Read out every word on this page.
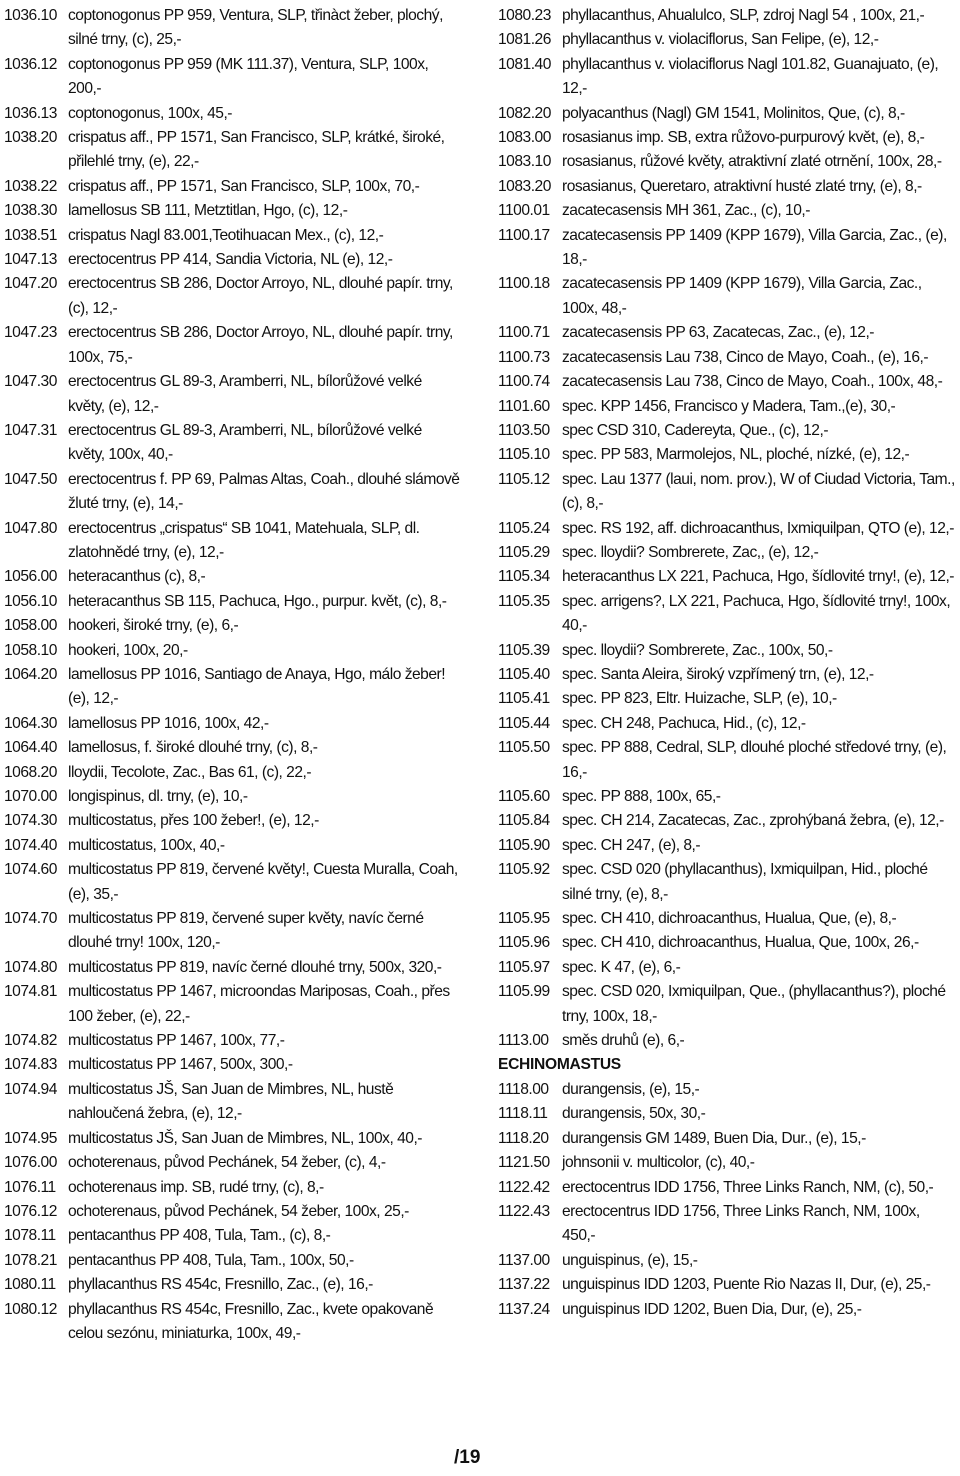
1036.10 coptonogonus PP 959, Ventura, SLP, třinàct žeber, plochý, silné trny, (c), 25,-
1036.12 coptonogonus PP 959 (MK 111.37), Ventura, SLP, 100x, 200,-
1036.13 coptonogonus, 100x, 45,-
1038.20 crispatus aff., PP 1571, San Francisco, SLP, krátké, široké, přilehlé trny, (e), 22,-
1038.22 crispatus aff., PP 1571, San Francisco, SLP, 100x, 70,-
1038.30 lamellosus SB 111, Metztitlan, Hgo, (c), 12,-
1038.51 crispatus Nagl 83.001,Teotihuacan Mex., (c), 12,-
1047.13 erectocentrus PP 414, Sandia Victoria, NL (e), 12,-
1047.20 erectocentrus SB 286, Doctor Arroyo, NL, dlouhé papír. trny, (c), 12,-
1047.23 erectocentrus SB 286, Doctor Arroyo, NL, dlouhé papír. trny, 100x, 75,-
1047.30 erectocentrus GL 89-3, Aramberri, NL, bílorůžové velké květy, (e), 12,-
1047.31 erectocentrus GL 89-3, Aramberri, NL, bílorůžové velké květy, 100x, 40,-
1047.50 erectocentrus f. PP 69, Palmas Altas, Coah., dlouhé slámově žluté trny, (e), 14,-
1047.80 erectocentrus „crispatus“ SB 1041, Matehuala, SLP, dl. zlatohnědé trny, (e), 12,-
1056.00 heteracanthus (c), 8,-
1056.10 heteracanthus SB 115, Pachuca, Hgo., purpur. květ, (c), 8,-
1058.00 hookeri, široké trny, (e), 6,-
1058.10 hookeri, 100x, 20,-
1064.20 lamellosus PP 1016, Santiago de Anaya, Hgo, málo žeber! (e), 12,-
1064.30 lamellosus PP 1016, 100x, 42,-
1064.40 lamellosus, f. široké dlouhé trny, (c), 8,-
1068.20 lloydii, Tecolote, Zac., Bas 61, (c), 22,-
1070.00 longispinus, dl. trny, (e), 10,-
1074.30 multicostatus, přes 100 žeber!, (e), 12,-
1074.40 multicostatus, 100x, 40,-
1074.60 multicostatus PP 819, červené květy!, Cuesta Muralla, Coah, (e), 35,-
1074.70 multicostatus PP 819, červené super květy, navíc černé dlouhé trny! 100x, 120,-
1074.80 multicostatus PP 819, navíc černé dlouhé trny, 500x, 320,-
1074.81 multicostatus PP 1467, microondas Mariposas, Coah., přes 100 žeber, (e), 22,-
1074.82 multicostatus PP 1467, 100x, 77,-
1074.83 multicostatus PP 1467, 500x, 300,-
1074.94 multicostatus JŠ, San Juan de Mimbres, NL, hustě nahloučená žebra, (e), 12,-
1074.95 multicostatus JŠ, San Juan de Mimbres, NL, 100x, 40,-
1076.00 ochoterenaus, původ Pechánek, 54 žeber, (c), 4,-
1076.11 ochoterenaus imp. SB, rudé trny, (c), 8,-
1076.12 ochoterenaus, původ Pechánek, 54 žeber, 100x, 25,-
1078.11 pentacanthus PP 408, Tula, Tam., (c), 8,-
1078.21 pentacanthus PP 408, Tula, Tam., 100x, 50,-
1080.11 phyllacanthus RS 454c, Fresnillo, Zac., (e), 16,-
1080.12 phyllacanthus RS 454c, Fresnillo, Zac., kvete opakovaně celou sezónu, miniaturka, 100x, 49,-
1080.23 phyllacanthus, Ahualulco, SLP, zdroj Nagl 54 , 100x, 21,-
1081.26 phyllacanthus v. violaciflorus, San Felipe, (e), 12,-
1081.40 phyllacanthus v. violaciflorus Nagl 101.82, Guanajuato, (e), 12,-
1082.20 polyacanthus (Nagl) GM 1541, Molinitos, Que, (c), 8,-
1083.00 rosasianus imp. SB, extra růžovo-purpurový květ, (e), 8,-
1083.10 rosasianus, růžové květy, atraktivní zlaté otrnění, 100x, 28,-
1083.20 rosasianus, Queretaro, atraktivní husté zlaté trny, (e), 8,-
1100.01 zacatecasensis MH 361, Zac., (c), 10,-
1100.17 zacatecasensis PP 1409 (KPP 1679), Villa Garcia, Zac., (e), 18,-
1100.18 zacatecasensis PP 1409 (KPP 1679), Villa Garcia, Zac., 100x, 48,-
1100.71 zacatecasensis PP 63, Zacatecas, Zac., (e), 12,-
1100.73 zacatecasensis Lau 738, Cinco de Mayo, Coah., (e), 16,-
1100.74 zacatecasensis Lau 738, Cinco de Mayo, Coah., 100x, 48,-
1101.60 spec. KPP 1456, Francisco y Madera, Tam.,(e), 30,-
1103.50 spec CSD 310, Cadereyta, Que., (c), 12,-
1105.10 spec. PP 583, Marmolejos, NL, ploché, nízké, (e), 12,-
1105.12 spec. Lau 1377 (laui, nom. prov.), W of Ciudad Victoria, Tam., (c), 8,-
1105.24 spec. RS 192, aff. dichroacanthus, Ixmiquilpan, QTO (e), 12,-
1105.29 spec. lloydii? Sombrerete, Zac,, (e), 12,-
1105.34 heteracanthus LX 221, Pachuca, Hgo, šídlovité trny!, (e), 12,-
1105.35 spec. arrigens?, LX 221, Pachuca, Hgo, šídlovité trny!, 100x, 40,-
1105.39 spec. lloydii? Sombrerete, Zac., 100x, 50,-
1105.40 spec. Santa Aleira, široký vzpřímený trn, (e), 12,-
1105.41 spec. PP 823, Eltr. Huizache, SLP, (e), 10,-
1105.44 spec. CH 248, Pachuca, Hid., (c), 12,-
1105.50 spec. PP 888, Cedral, SLP, dlouhé ploché středové trny, (e), 16,-
1105.60 spec. PP 888, 100x, 65,-
1105.84 spec. CH 214, Zacatecas, Zac., zprohýbaná žebra, (e), 12,-
1105.90 spec. CH 247, (e), 8,-
1105.92 spec. CSD 020 (phyllacanthus), Ixmiquilpan, Hid., ploché silné trny, (e), 8,-
1105.95 spec. CH 410, dichroacanthus, Hualua, Que, (e), 8,-
1105.96 spec. CH 410, dichroacanthus, Hualua, Que, 100x, 26,-
1105.97 spec. K 47, (e), 6,-
1105.99 spec. CSD 020, Ixmiquilpan, Que., (phyllacanthus?), ploché trny, 100x, 18,-
1113.00 směs druhů (e), 6,-
ECHINOMASTUS
1118.00 durangensis, (e), 15,-
1118.11 durangensis, 50x, 30,-
1118.20 durangensis GM 1489, Buen Dia, Dur., (e), 15,-
1121.50 johnsonii v. multicolor, (c), 40,-
1122.42 erectocentrus IDD 1756, Three Links Ranch, NM, (c), 50,-
1122.43 erectocentrus IDD 1756, Three Links Ranch, NM, 100x, 450,-
1137.00 unguispinus, (e), 15,-
1137.22 unguispinus IDD 1203, Puente Rio Nazas II, Dur, (e), 25,-
1137.24 unguispinus IDD 1202, Buen Dia, Dur, (e), 25,-
/19
